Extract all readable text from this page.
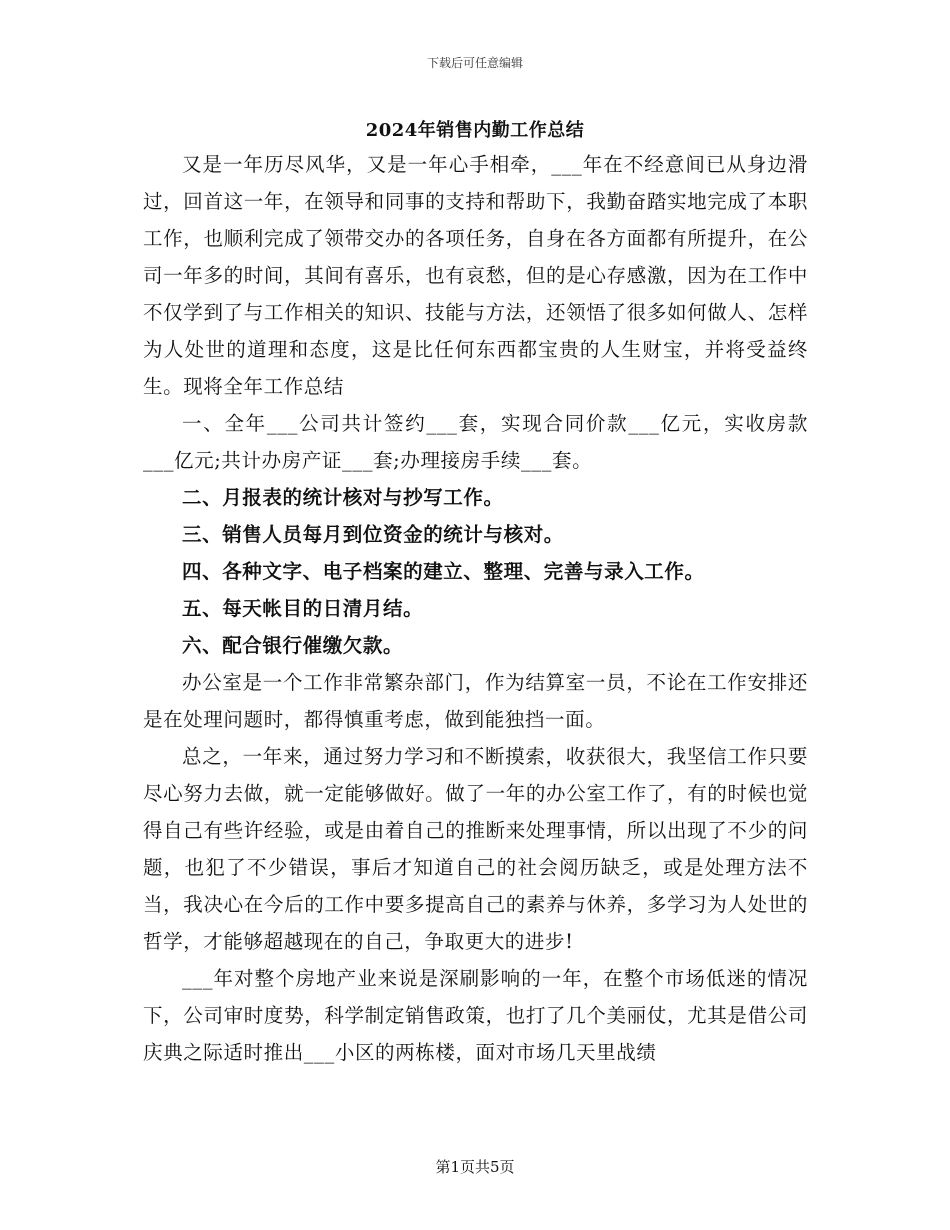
下载后可任意编辑
2024年销售内勤工作总结

又是一年历尽风华，又是一年心手相牵，___年在不经意间已从身边滑过，回首这一年，在领导和同事的支持和帮助下，我勤奋踏实地完成了本职工作，也顺利完成了领带交办的各项任务，自身在各方面都有所提升，在公司一年多的时间，其间有喜乐，也有哀愁，但的是心存感激，因为在工作中不仅学到了与工作相关的知识、技能与方法，还领悟了很多如何做人、怎样为人处世的道理和态度，这是比任何东西都宝贵的人生财宝，并将受益终生。现将全年工作总结

一、全年___公司共计签约___套，实现合同价款___亿元，实收房款___亿元;共计办房产证___套;办理接房手续___套。

二、月报表的统计核对与抄写工作。

三、销售人员每月到位资金的统计与核对。

四、各种文字、电子档案的建立、整理、完善与录入工作。

五、每天帐目的日清月结。

六、配合银行催缴欠款。

办公室是一个工作非常繁杂部门，作为结算室一员，不论在工作安排还是在处理问题时，都得慎重考虑，做到能独挡一面。

总之，一年来，通过努力学习和不断摸索，收获很大，我坚信工作只要尽心努力去做，就一定能够做好。做了一年的办公室工作了，有的时候也觉得自己有些许经验，或是由着自己的推断来处理事情，所以出现了不少的问题，也犯了不少错误，事后才知道自己的社会阅历缺乏，或是处理方法不当，我决心在今后的工作中要多提高自己的素养与休养，多学习为人处世的哲学，才能够超越现在的自己，争取更大的进步!

___年对整个房地产业来说是深刷影响的一年，在整个市场低迷的情况下，公司审时度势，科学制定销售政策，也打了几个美丽仗，尤其是借公司庆典之际适时推出___小区的两栋楼，面对市场几天里战绩

第1页共5页
